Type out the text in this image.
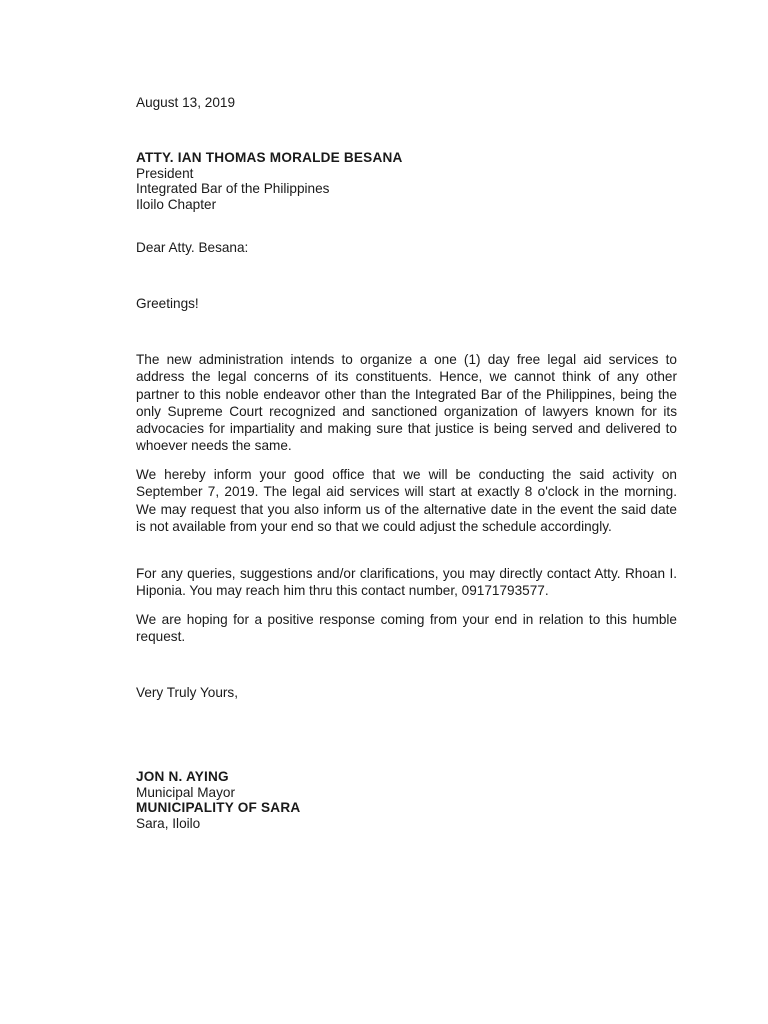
August 13, 2019
ATTY. IAN THOMAS MORALDE BESANA
President
Integrated Bar of the Philippines
Iloilo Chapter
Dear Atty. Besana:
Greetings!

The new administration intends to organize a one (1) day free legal aid services to address the legal concerns of its constituents. Hence, we cannot think of any other partner to this noble endeavor other than the Integrated Bar of the Philippines, being the only Supreme Court recognized and sanctioned organization of lawyers known for its advocacies for impartiality and making sure that justice is being served and delivered to whoever needs the same.

We hereby inform your good office that we will be conducting the said activity on September 7, 2019. The legal aid services will start at exactly 8 o'clock in the morning. We may request that you also inform us of the alternative date in the event the said date is not available from your end so that we could adjust the schedule accordingly.

For any queries, suggestions and/or clarifications, you may directly contact Atty. Rhoan I. Hiponia. You may reach him thru this contact number, 09171793577.

We are hoping for a positive response coming from your end in relation to this humble request.

Very Truly Yours,
JON N. AYING
Municipal Mayor
MUNICIPALITY OF SARA
Sara, Iloilo
